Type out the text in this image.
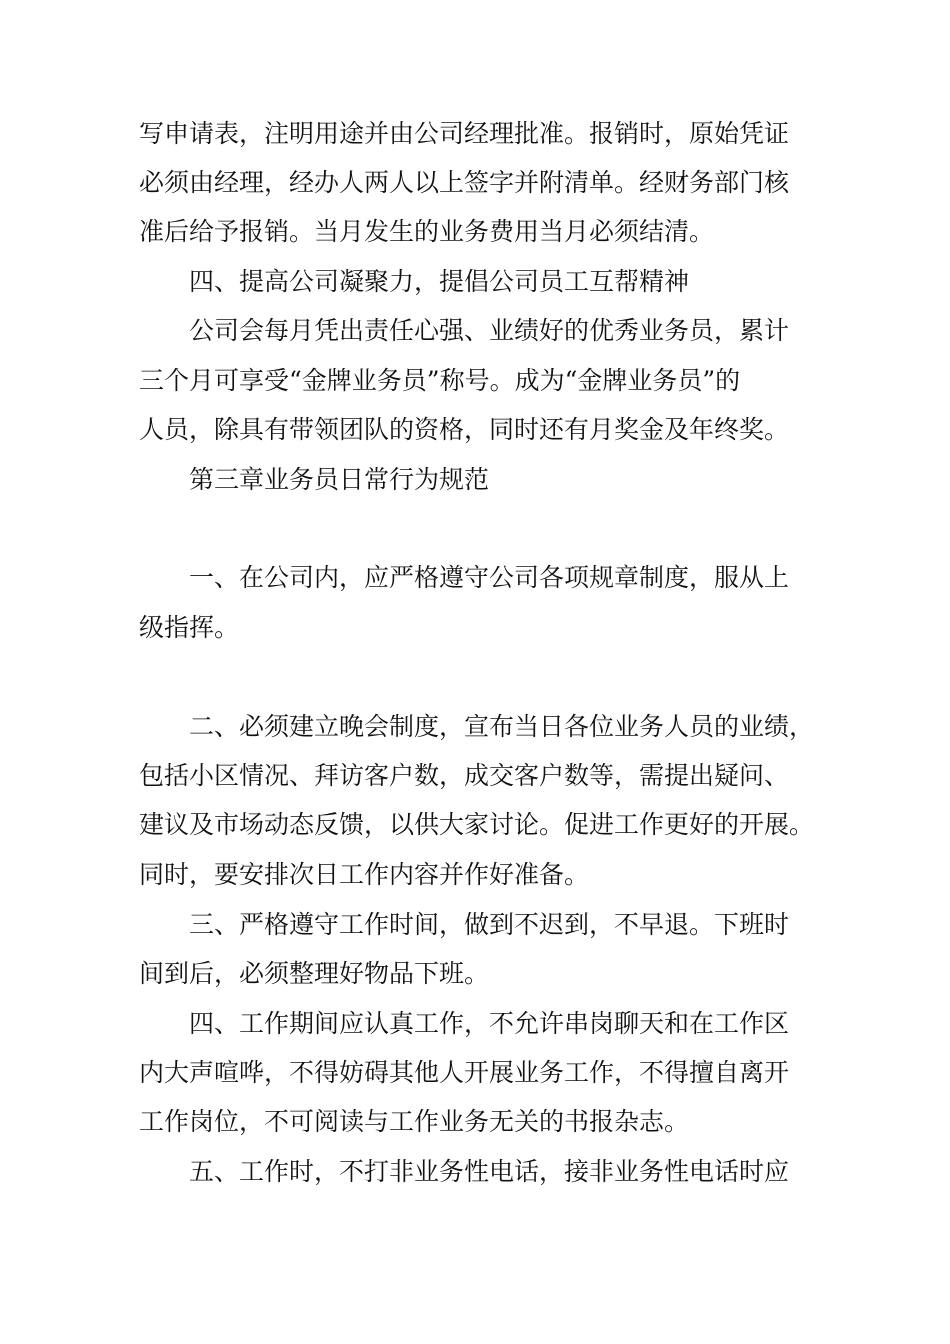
写申请表，注明用途并由公司经理批准。报销时，原始凭证
必须由经理，经办人两人以上签字并附清单。经财务部门核
准后给予报销。当月发生的业务费用当月必须结清。
四、提高公司凝聚力，提倡公司员工互帮精神
公司会每月凭出责任心强、业绩好的优秀业务员，累计
三个月可享受“金牌业务员”称号。成为“金牌业务员”的
人员，除具有带领团队的资格，同时还有月奖金及年终奖。
第三章业务员日常行为规范
一、在公司内，应严格遵守公司各项规章制度，服从上
级指挥。
二、必须建立晚会制度，宣布当日各位业务人员的业绩，
包括小区情况、拜访客户数，成交客户数等，需提出疑问、
建议及市场动态反馈，以供大家讨论。促进工作更好的开展。
同时，要安排次日工作内容并作好准备。
三、严格遵守工作时间，做到不迟到，不早退。下班时
间到后，必须整理好物品下班。
四、工作期间应认真工作，不允许串岗聊天和在工作区
内大声喧哗，不得妨碍其他人开展业务工作，不得擅自离开
工作岗位，不可阅读与工作业务无关的书报杂志。
五、工作时，不打非业务性电话，接非业务性电话时应
